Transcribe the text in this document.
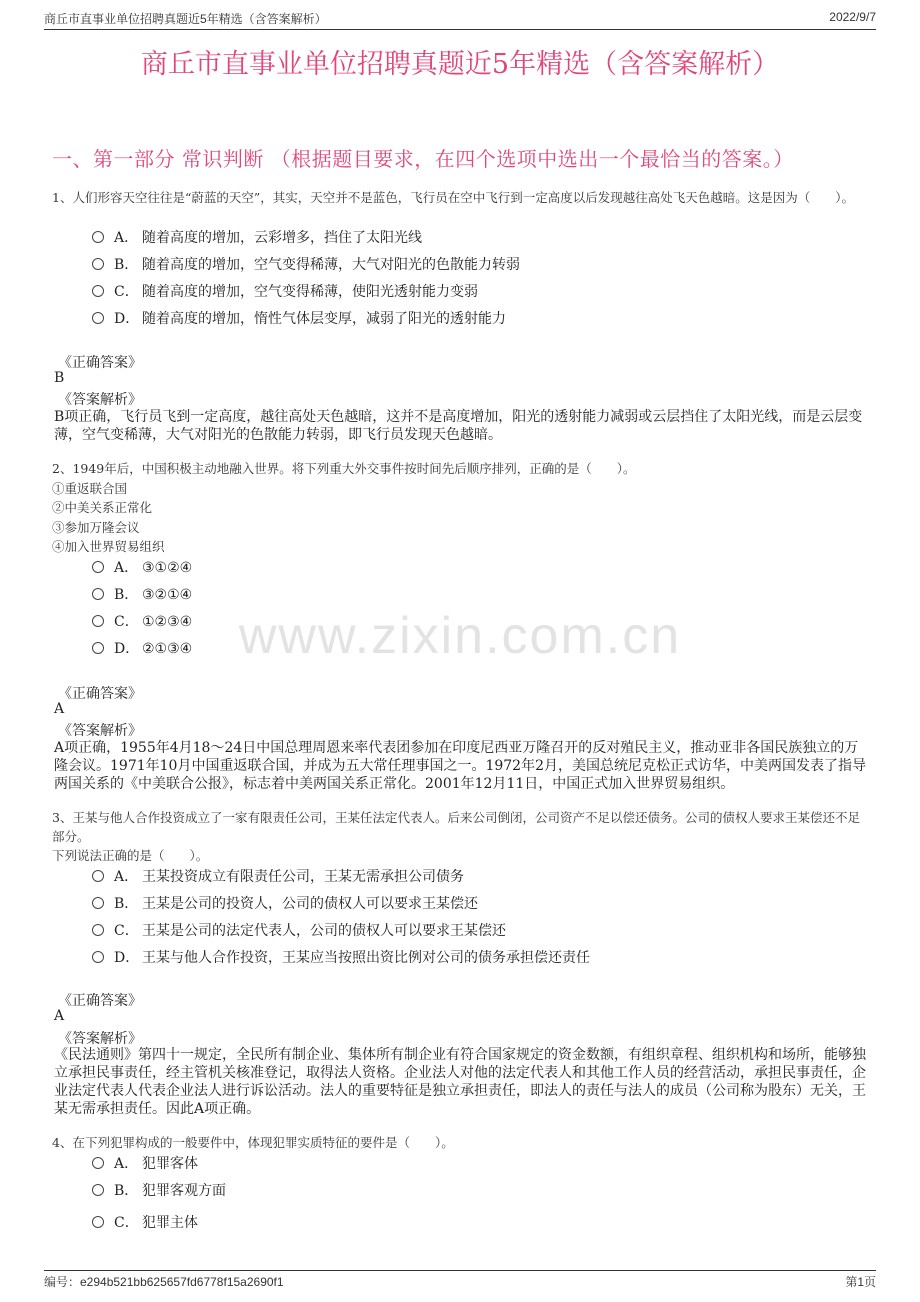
商丘市直事业单位招聘真题近5年精选（含答案解析）	2022/9/7
商丘市直事业单位招聘真题近5年精选（含答案解析）
一、第一部分 常识判断 （根据题目要求，在四个选项中选出一个最恰当的答案。）
www.zixin.com.cn
1、人们形容天空往往是“蔚蓝的天空”，其实，天空并不是蓝色，飞行员在空中飞行到一定高度以后发现越往高处飞天色越暗。这是因为（　　）。
A． 随着高度的增加，云彩增多，挡住了太阳光线
B． 随着高度的增加，空气变得稀薄，大气对阳光的色散能力转弱
C． 随着高度的增加，空气变得稀薄，使阳光透射能力变弱
D． 随着高度的增加，惰性气体层变厚，减弱了阳光的透射能力
《正确答案》
B
《答案解析》
B项正确，飞行员飞到一定高度，越往高处天色越暗，这并不是高度增加，阳光的透射能力减弱或云层挡住了太阳光线，而是云层变薄，空气变稀薄，大气对阳光的色散能力转弱，即飞行员发现天色越暗。
2、1949年后，中国积极主动地融入世界。将下列重大外交事件按时间先后顺序排列，正确的是（　　）。
①重返联合国
②中美关系正常化
③参加万隆会议
④加入世界贸易组织
A． ③①②④
B． ③②①④
C． ①②③④
D． ②①③④
《正确答案》
A
《答案解析》
A项正确，1955年4月18～24日中国总理周恩来率代表团参加在印度尼西亚万隆召开的反对殖民主义，推动亚非各国民族独立的万隆会议。1971年10月中国重返联合国，并成为五大常任理事国之一。1972年2月，美国总统尼克松正式访华，中美两国发表了指导两国关系的《中美联合公报》，标志着中美两国关系正常化。2001年12月11日，中国正式加入世界贸易组织。
3、王某与他人合作投资成立了一家有限责任公司，王某任法定代表人。后来公司倒闭，公司资产不足以偿还债务。公司的债权人要求王某偿还不足部分。
下列说法正确的是（　　）。
A． 王某投资成立有限责任公司，王某无需承担公司债务
B． 王某是公司的投资人，公司的债权人可以要求王某偿还
C． 王某是公司的法定代表人，公司的债权人可以要求王某偿还
D． 王某与他人合作投资，王某应当按照出资比例对公司的债务承担偿还责任
《正确答案》
A
《答案解析》
《民法通则》第四十一规定，全民所有制企业、集体所有制企业有符合国家规定的资金数额，有组织章程、组织机构和场所，能够独立承担民事责任，经主管机关核准登记，取得法人资格。企业法人对他的法定代表人和其他工作人员的经营活动，承担民事责任，企业法定代表人代表企业法人进行诉讼活动。法人的重要特征是独立承担责任，即法人的责任与法人的成员（公司称为股东）无关，王某无需承担责任。因此A项正确。
4、在下列犯罪构成的一般要件中，体现犯罪实质特征的要件是（　　）。
A． 犯罪客体
B． 犯罪客观方面
C． 犯罪主体
编号：e294b521bb625657fd6778f15a2690f1	第1页
